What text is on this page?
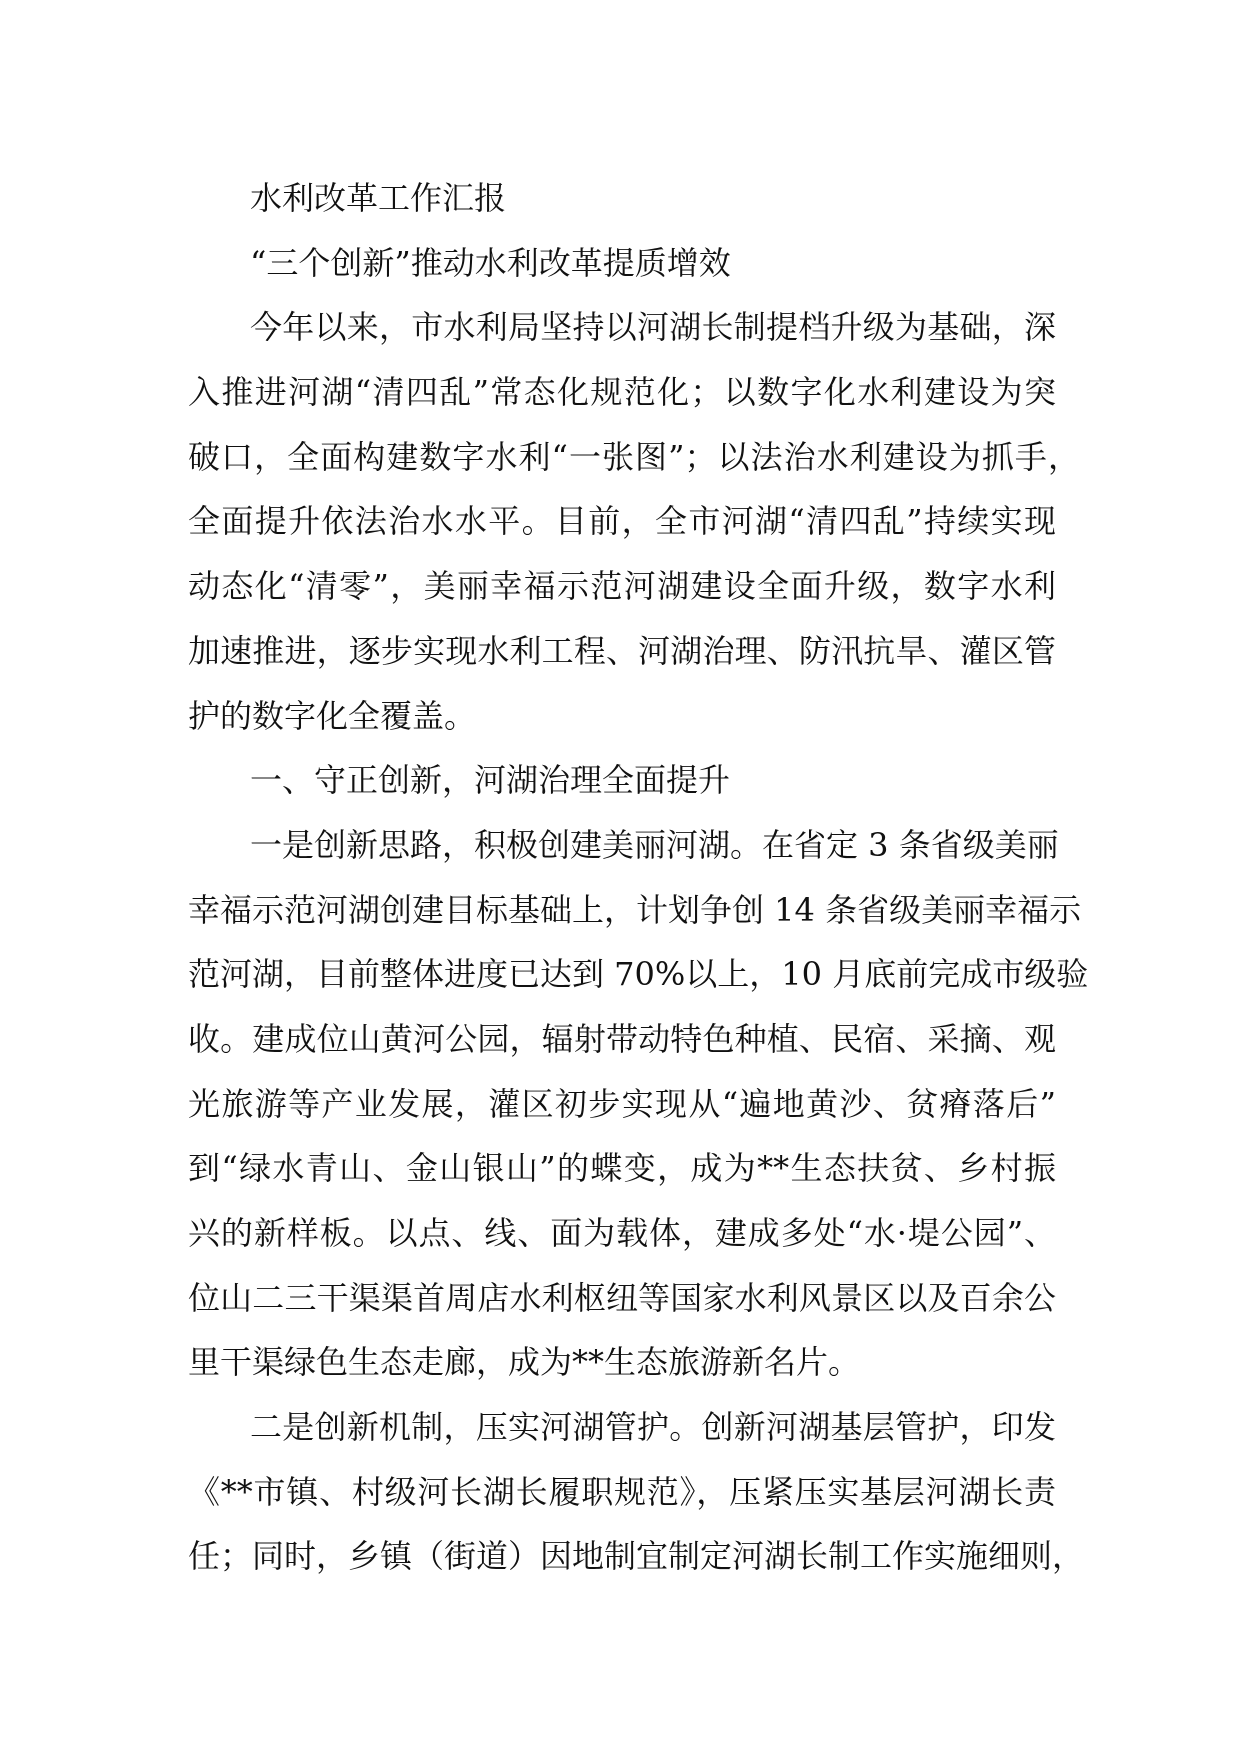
水利改革工作汇报
“三个创新”推动水利改革提质增效
今年以来，市水利局坚持以河湖长制提档升级为基础，深
入推进河湖“清四乱”常态化规范化；以数字化水利建设为突
破口，全面构建数字水利“一张图”；以法治水利建设为抓手，
全面提升依法治水水平。目前，全市河湖“清四乱”持续实现
动态化“清零”，美丽幸福示范河湖建设全面升级，数字水利
加速推进，逐步实现水利工程、河湖治理、防汛抗旱、灌区管
护的数字化全覆盖。
一、守正创新，河湖治理全面提升
一是创新思路，积极创建美丽河湖。在省定 3 条省级美丽
幸福示范河湖创建目标基础上，计划争创 14 条省级美丽幸福示
范河湖，目前整体进度已达到 70%以上，10 月底前完成市级验
收。建成位山黄河公园，辐射带动特色种植、民宿、采摘、观
光旅游等产业发展，灌区初步实现从“遍地黄沙、贫瘠落后”
到“绿水青山、金山银山”的蝶变，成为**生态扶贫、乡村振
兴的新样板。以点、线、面为载体，建成多处“水·堤公园”、
位山二三干渠渠首周店水利枢纽等国家水利风景区以及百余公
里干渠绿色生态走廊，成为**生态旅游新名片。
二是创新机制，压实河湖管护。创新河湖基层管护，印发
《**市镇、村级河长湖长履职规范》，压紧压实基层河湖长责
任；同时，乡镇（街道）因地制宜制定河湖长制工作实施细则，
